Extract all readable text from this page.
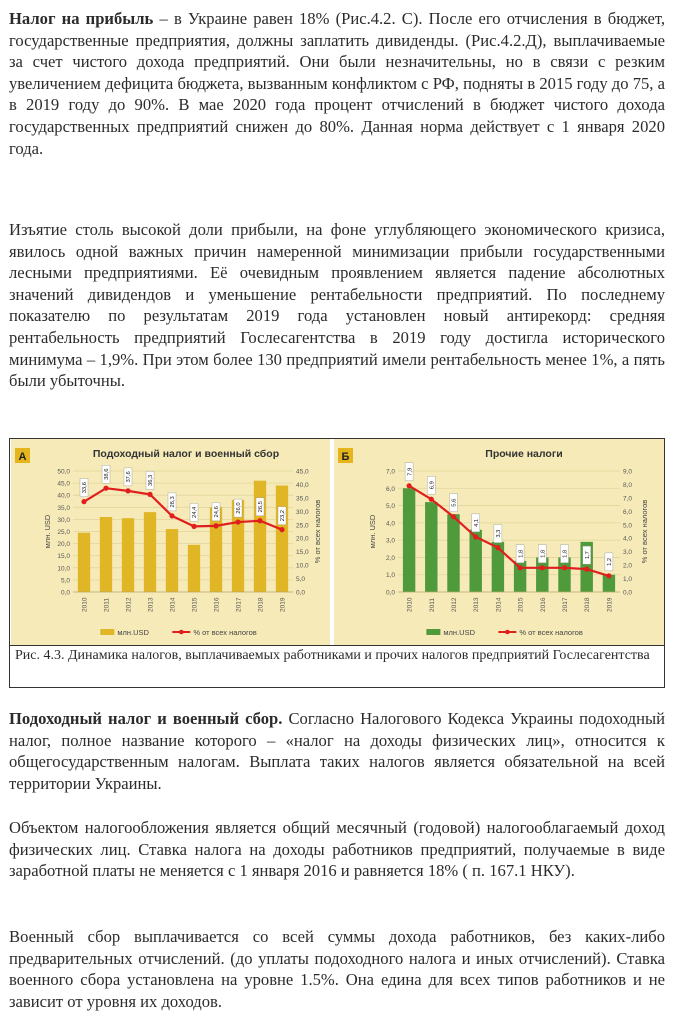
Налог на прибыль – в Украине равен 18% (Рис.4.2. С). После его отчисления в бюджет, государственные предприятия, должны заплатить дивиденды. (Рис.4.2.Д), выплачиваемые за счет чистого дохода предприятий. Они были незначительны, но в связи с резким увеличением дефицита бюджета, вызванным конфликтом с РФ, подняты в 2015 году до 75, а в 2019 году до 90%. В мае 2020 года процент отчислений в бюджет чистого дохода государственных предприятий снижен до 80%. Данная норма действует с 1 января 2020 года.

Изъятие столь высокой доли прибыли, на фоне углубляющего экономического кризиса, явилось одной важных причин намеренной минимизации прибыли государственными лесными предприятиями. Её очевидным проявлением является падение абсолютных значений дивидендов и уменьшение рентабельности предприятий. По последнему показателю по результатам 2019 года установлен новый антирекорд: средняя рентабельность предприятий Гослесагентства в 2019 году достигла исторического минимума – 1,9%. При этом более 130 предприятий имели рентабельность менее 1%, а пять были убыточны.

А	Подоходный налог и военный сбор
0,0
5,0
10,0
15,0
20,0
25,0
30,0
35,0
40,0
45,0
50,0
0,0
5,0
10,0
15,0
20,0
25,0
30,0
35,0
40,0
45,0
млн. USD	% от всех налогов
2010 2011 2012 2013 2014 2015 2016 2017 2018 2019
33,6
38,6	37,6	36,3
28,3
24,4	24,6	26,0	26,5
23,2
млн.USD	% от всех налогов
Б	Прочие налоги
0,0
1,0
2,0
3,0
4,0
5,0
6,0
7,0
0,0
1,0
2,0
3,0
4,0
5,0
6,0
7,0
8,0
9,0
млн. USD	% от всех налогов
2010 2011 2012 2013 2014 2015 2016 2017 2018 2019
7,9
6,9
5,6
4,1
3,3
1,8	1,8	1,8	1,7
1,2
млн.USD	% от всех налогов
Рис. 4.3. Динамика налогов, выплачиваемых работниками и прочих налогов предприятий Гослесагентства

Подоходный налог и военный сбор. Согласно Налогового Кодекса Украины подоходный налог, полное название которого – «налог на доходы физических лиц», относится к общегосударственным налогам. Выплата таких налогов является обязательной на всей территории Украины.

Объектом налогообложения является общий месячный (годовой) налогооблагаемый доход физических лиц. Ставка налога на доходы работников предприятий, получаемые в виде заработной платы не меняется с 1 января 2016 и равняется 18% ( п. 167.1 НКУ).

Военный сбор выплачивается со всей суммы дохода работников, без каких-либо предварительных отчислений. (до уплаты подоходного налога и иных отчислений). Ставка военного сбора установлена на уровне 1.5%. Она едина для всех типов работников и не зависит от уровня их доходов.
